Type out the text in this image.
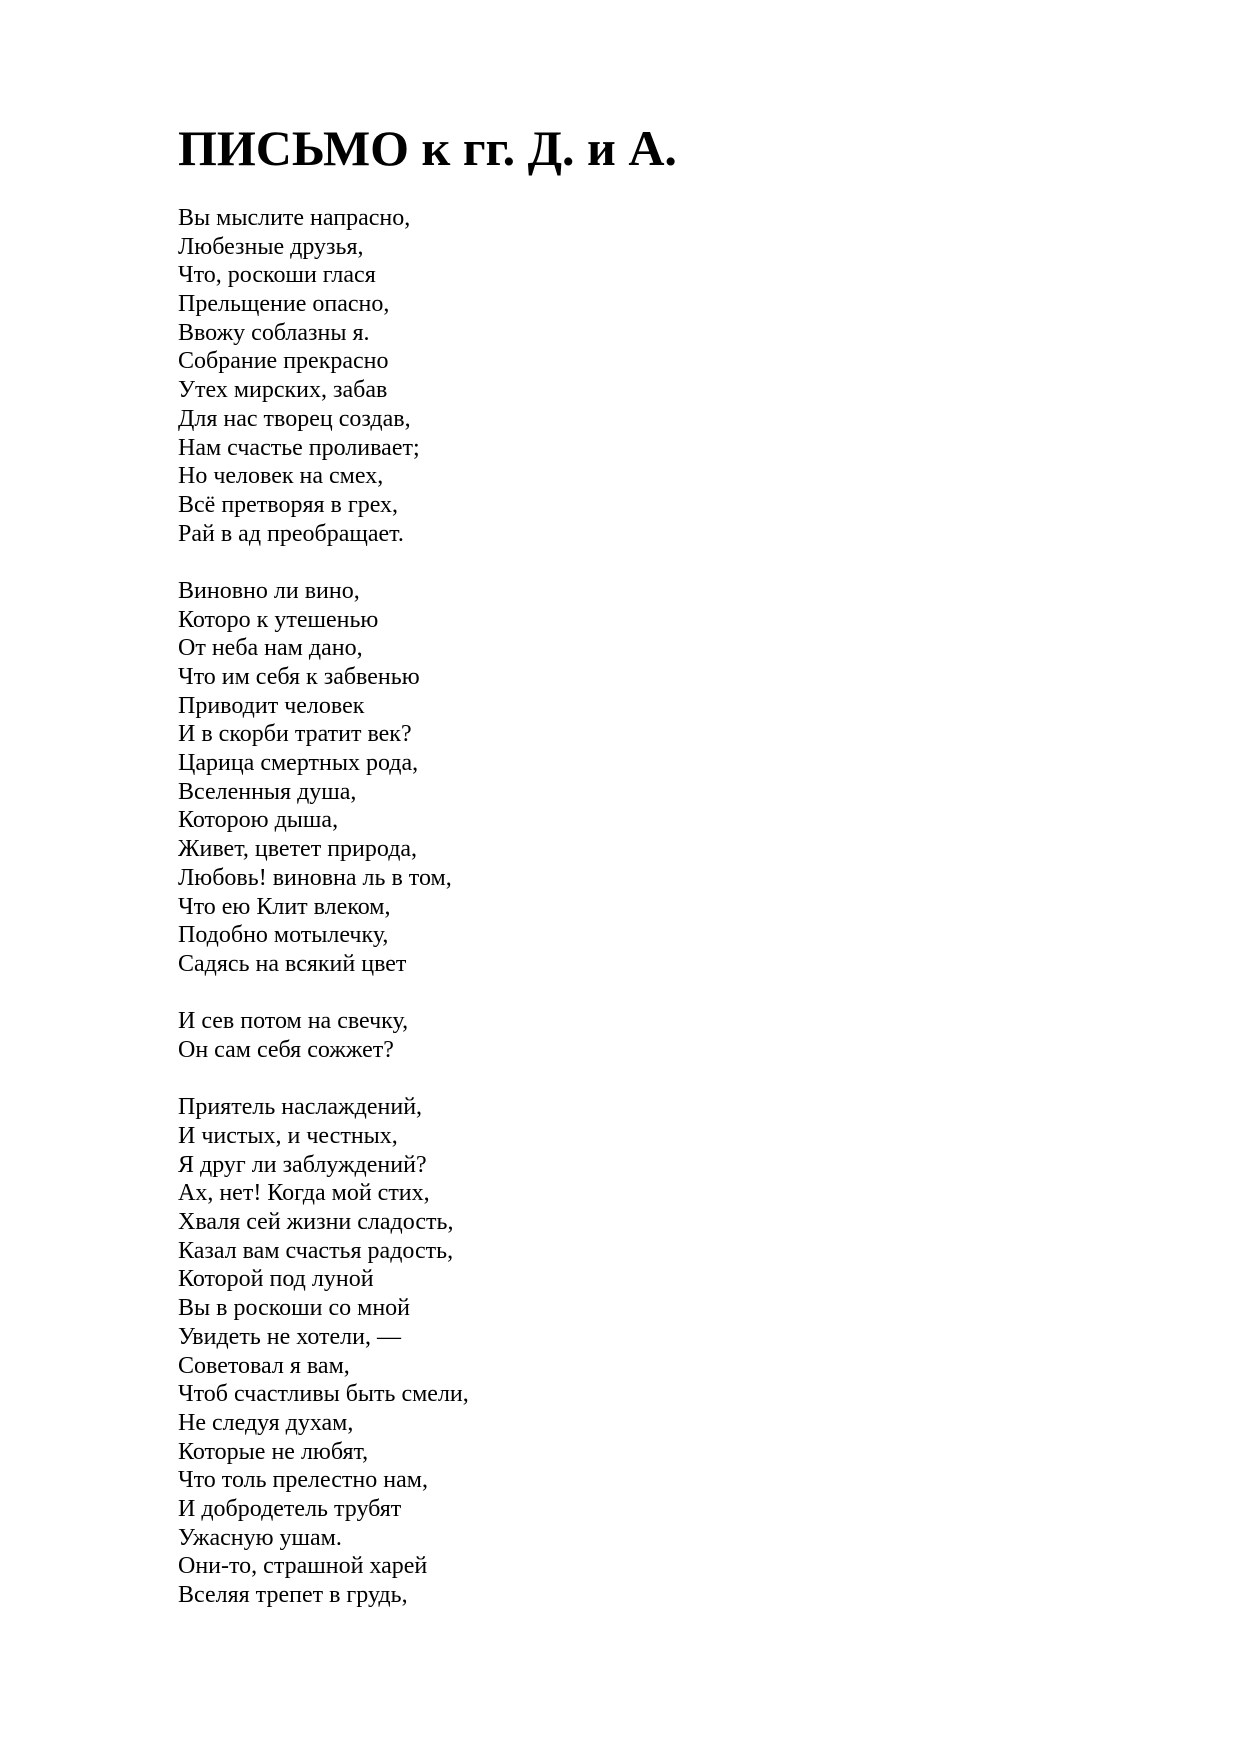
ПИСЬМО к гг. Д. и А.
Вы мыслите напрасно,
Любезные друзья,
Что, роскоши глася
Прельщение опасно,
Ввожу соблазны я.
Собрание прекрасно
Утех мирских, забав
Для нас творец создав,
Нам счастье проливает;
Но человек на смех,
Всё претворяя в грех,
Рай в ад преобращает.
Виновно ли вино,
Которо к утешенью
От неба нам дано,
Что им себя к забвенью
Приводит человек
И в скорби тратит век?
Царица смертных рода,
Вселенныя душа,
Которою дыша,
Живет, цветет природа,
Любовь! виновна ль в том,
Что ею Клит влеком,
Подобно мотылечку,
Садясь на всякий цвет
И сев потом на свечку,
Он сам себя сожжет?
Приятель наслаждений,
И чистых, и честных,
Я друг ли заблуждений?
Ах, нет! Когда мой стих,
Хваля сей жизни сладость,
Казал вам счастья радость,
Которой под луной
Вы в роскоши со мной
Увидеть не хотели, —
Советовал я вам,
Чтоб счастливы быть смели,
Не следуя духам,
Которые не любят,
Что толь прелестно нам,
И добродетель трубят
Ужасную ушам.
Они-то, страшной харей
Вселяя трепет в грудь,
